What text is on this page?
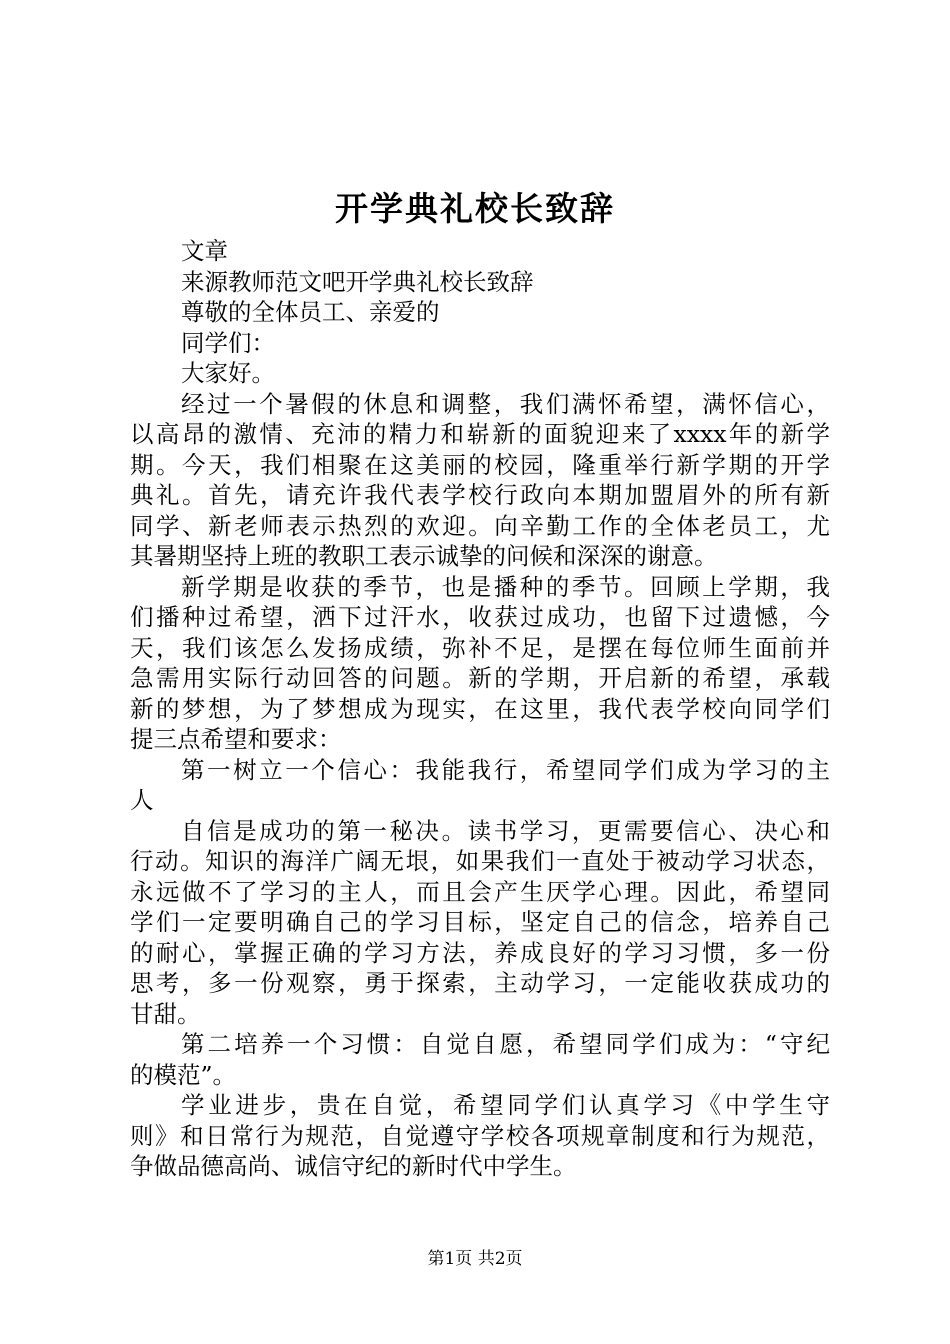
开学典礼校长致辞
文章
来源教师范文吧开学典礼校长致辞
尊敬的全体员工、亲爱的
同学们：
大家好。
经过一个暑假的休息和调整，我们满怀希望，满怀信心，
以高昂的激情、充沛的精力和崭新的面貌迎来了xxxx年的新学
期。今天，我们相聚在这美丽的校园，隆重举行新学期的开学
典礼。首先，请充许我代表学校行政向本期加盟眉外的所有新
同学、新老师表示热烈的欢迎。向辛勤工作的全体老员工，尤
其暑期坚持上班的教职工表示诚挚的问候和深深的谢意。
新学期是收获的季节，也是播种的季节。回顾上学期，我
们播种过希望，洒下过汗水，收获过成功，也留下过遗憾，今
天，我们该怎么发扬成绩，弥补不足，是摆在每位师生面前并
急需用实际行动回答的问题。新的学期，开启新的希望，承载
新的梦想，为了梦想成为现实，在这里，我代表学校向同学们
提三点希望和要求：
第一树立一个信心：我能我行，希望同学们成为学习的主
人
自信是成功的第一秘决。读书学习，更需要信心、决心和
行动。知识的海洋广阔无垠，如果我们一直处于被动学习状态，
永远做不了学习的主人，而且会产生厌学心理。因此，希望同
学们一定要明确自己的学习目标，坚定自己的信念，培养自己
的耐心，掌握正确的学习方法，养成良好的学习习惯，多一份
思考，多一份观察，勇于探索，主动学习，一定能收获成功的
甘甜。
第二培养一个习惯：自觉自愿，希望同学们成为：“守纪
的模范”。
学业进步，贵在自觉，希望同学们认真学习《中学生守
则》和日常行为规范，自觉遵守学校各项规章制度和行为规范，
争做品德高尚、诚信守纪的新时代中学生。
第1页 共2页
